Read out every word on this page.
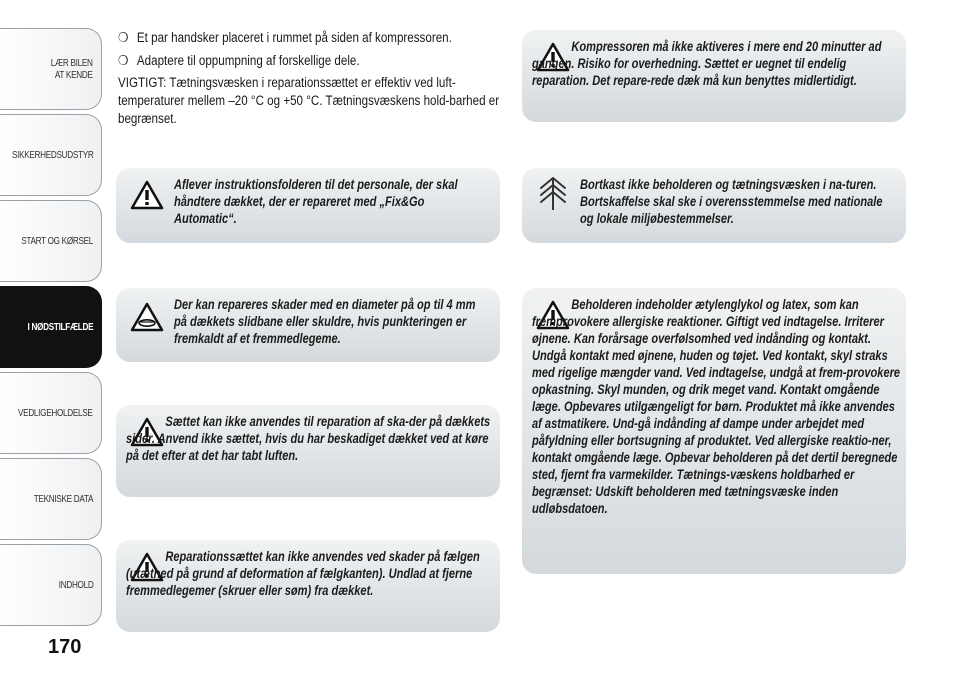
LÆR BILEN
AT KENDE
SIKKERHEDSUDSTYR
START OG KØRSEL
I NØDSTILFÆLDE
VEDLIGEHOLDELSE
TEKNISKE DATA
INDHOLD
170
❍ Et par handsker placeret i rummet på siden af kompressoren.
❍ Adaptere til oppumpning af forskellige dele.
VIGTIGT: Tætningsvæsken i reparationssættet er effektiv ved luft-temperaturer mellem –20 °C og +50 °C. Tætningsvæskens hold-barhed er begrænset.
Aflever instruktionsfolderen til det personale, der skal håndtere dækket, der er repareret med „Fix&Go Automatic“.
Der kan repareres skader med en diameter på op til 4 mm på dækkets slidbane eller skuldre, hvis punkteringen er fremkaldt af et fremmedlegeme.
Sættet kan ikke anvendes til reparation af ska-der på dækkets sider. Anvend ikke sættet, hvis du har beskadiget dækket ved at køre på det efter at det har tabt luften.
Reparationssættet kan ikke anvendes ved skader på fælgen (utæthed på grund af deformation af fælgkanten). Undlad at fjerne fremmedlegemer (skruer eller søm) fra dækket.
Kompressoren må ikke aktiveres i mere end 20 minutter ad gangen. Risiko for overhedning. Sættet er uegnet til endelig reparation. Det repare-rede dæk må kun benyttes midlertidigt.
Bortkast ikke beholderen og tætningsvæsken i na-turen. Bortskaffelse skal ske i overensstemmelse med nationale og lokale miljøbestemmelser.
Beholderen indeholder ætylenglykol og latex, som kan fremprovokere allergiske reaktioner. Giftigt ved indtagelse. Irriterer øjnene. Kan forårsage overfølsomhed ved indånding og kontakt. Undgå kontakt med øjnene, huden og tøjet. Ved kontakt, skyl straks med rigelige mængder vand. Ved indtagelse, undgå at frem-provokere opkastning. Skyl munden, og drik meget vand. Kontakt omgående læge. Opbevares utilgængeligt for børn. Produktet må ikke anvendes af astmatikere. Und-gå indånding af dampe under arbejdet med påfyldning eller bortsugning af produktet. Ved allergiske reaktio-ner, kontakt omgående læge. Opbevar beholderen på det dertil beregnede sted, fjernt fra varmekilder. Tætnings-væskens holdbarhed er begrænset: Udskift beholderen med tætningsvæske inden udløbsdatoen.
